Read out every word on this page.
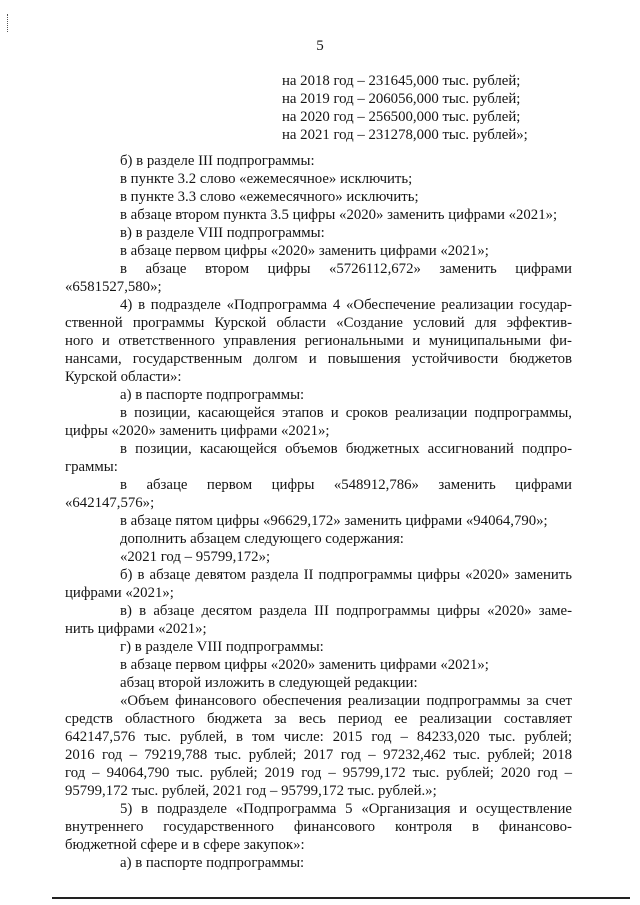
5
на 2018 год – 231645,000 тыс. рублей;
на 2019 год – 206056,000 тыс. рублей;
на 2020 год – 256500,000 тыс. рублей;
на 2021 год – 231278,000 тыс. рублей»;
б) в разделе III подпрограммы:
в пункте 3.2 слово «ежемесячное» исключить;
в пункте 3.3 слово «ежемесячного» исключить;
в абзаце втором пункта 3.5 цифры «2020» заменить цифрами «2021»;
в) в разделе VIII подпрограммы:
в абзаце первом цифры «2020» заменить цифрами «2021»;
в абзаце втором цифры «5726112,672» заменить цифрами
«6581527,580»;
4) в подразделе «Подпрограмма 4 «Обеспечение реализации государ-
ственной программы Курской области «Создание условий для эффектив-
ного и ответственного управления региональными и муниципальными фи-
нансами, государственным долгом и повышения устойчивости бюджетов
Курской области»:
а) в паспорте подпрограммы:
в позиции, касающейся этапов и сроков реализации подпрограммы,
цифры «2020» заменить цифрами «2021»;
в позиции, касающейся объемов бюджетных ассигнований подпро-
граммы:
в абзаце первом цифры «548912,786» заменить цифрами
«642147,576»;
в абзаце пятом цифры «96629,172» заменить цифрами «94064,790»;
дополнить абзацем следующего содержания:
«2021 год – 95799,172»;
б) в абзаце девятом раздела II подпрограммы цифры «2020» заменить
цифрами «2021»;
в) в абзаце десятом раздела III подпрограммы цифры «2020» заме-
нить цифрами «2021»;
г) в разделе VIII подпрограммы:
в абзаце первом цифры «2020» заменить цифрами «2021»;
абзац второй изложить в следующей редакции:
«Объем финансового обеспечения реализации подпрограммы за счет
средств областного бюджета за весь период ее реализации составляет
642147,576 тыс. рублей, в том числе: 2015 год – 84233,020 тыс. рублей;
2016 год – 79219,788 тыс. рублей; 2017 год – 97232,462 тыс. рублей; 2018
год – 94064,790 тыс. рублей; 2019 год – 95799,172 тыс. рублей; 2020 год –
95799,172 тыс. рублей, 2021 год – 95799,172 тыс. рублей.»;
5) в подразделе «Подпрограмма 5 «Организация и осуществление
внутреннего государственного финансового контроля в финансово-
бюджетной сфере и в сфере закупок»:
а) в паспорте подпрограммы:
